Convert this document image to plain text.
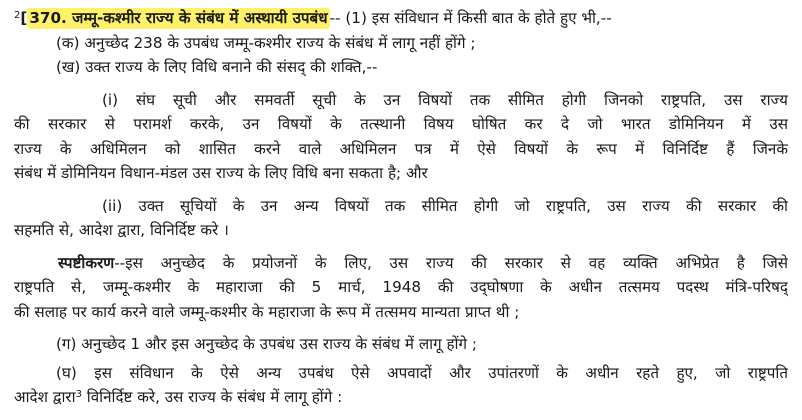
$^2$[ 370. जम्मू-कश्मीर राज्य के संबंध में अस्थायी उपबंध -- (1) इस संविधान में किसी बात के होते हुए भी,--
(क) अनुच्छेद 238 के उपबंध जम्मू-कश्मीर राज्य के संबंध में लागू नहीं होंगे ;
(ख) उक्त राज्य के लिए विधि बनाने की संसद् की शक्ति,--
(i) संघ सूची और समवर्ती सूची के उन विषयों तक सीमित होगी जिनको राष्ट्रपति, उस राज्य
की सरकार से परामर्श करके, उन विषयों के तत्स्थानी विषय घोषित कर दे जो भारत डोमिनियन में उस
राज्य के अधिमिलन को शासित करने वाले अधिमिलन पत्र में ऐसे विषयों के रूप में विनिर्दिष्ट हैं जिनके
संबंध में डोमिनियन विधान-मंडल उस राज्य के लिए विधि बना सकता है; और
(ii) उक्त सूचियों के उन अन्य विषयों तक सीमित होगी जो राष्ट्रपति, उस राज्य की सरकार की
सहमति से, आदेश द्वारा, विनिर्दिष्ट करे ।
स्पष्टीकरण--इस अनुच्छेद के प्रयोजनों के लिए, उस राज्य की सरकार से वह व्यक्ति अभिप्रेत है जिसे
राष्ट्रपति से, जम्मू-कश्मीर के महाराजा की 5 मार्च, 1948 की उद्‌घोषणा के अधीन तत्समय पदस्थ मंत्रि-परिषद्
की सलाह पर कार्य करने वाले जम्मू-कश्मीर के महाराजा के रूप में तत्समय मान्यता प्राप्त थी ;
(ग) अनुच्छेद 1 और इस अनुच्छेद के उपबंध उस राज्य के संबंध में लागू होंगे ;
(घ) इस संविधान के ऐसे अन्य उपबंध ऐसे अपवादों और उपांतरणों के अधीन रहते हुए, जो राष्ट्रपति
आदेश द्वारा$^3$ विनिर्दिष्ट करे, उस राज्य के संबंध में लागू होंगे :
